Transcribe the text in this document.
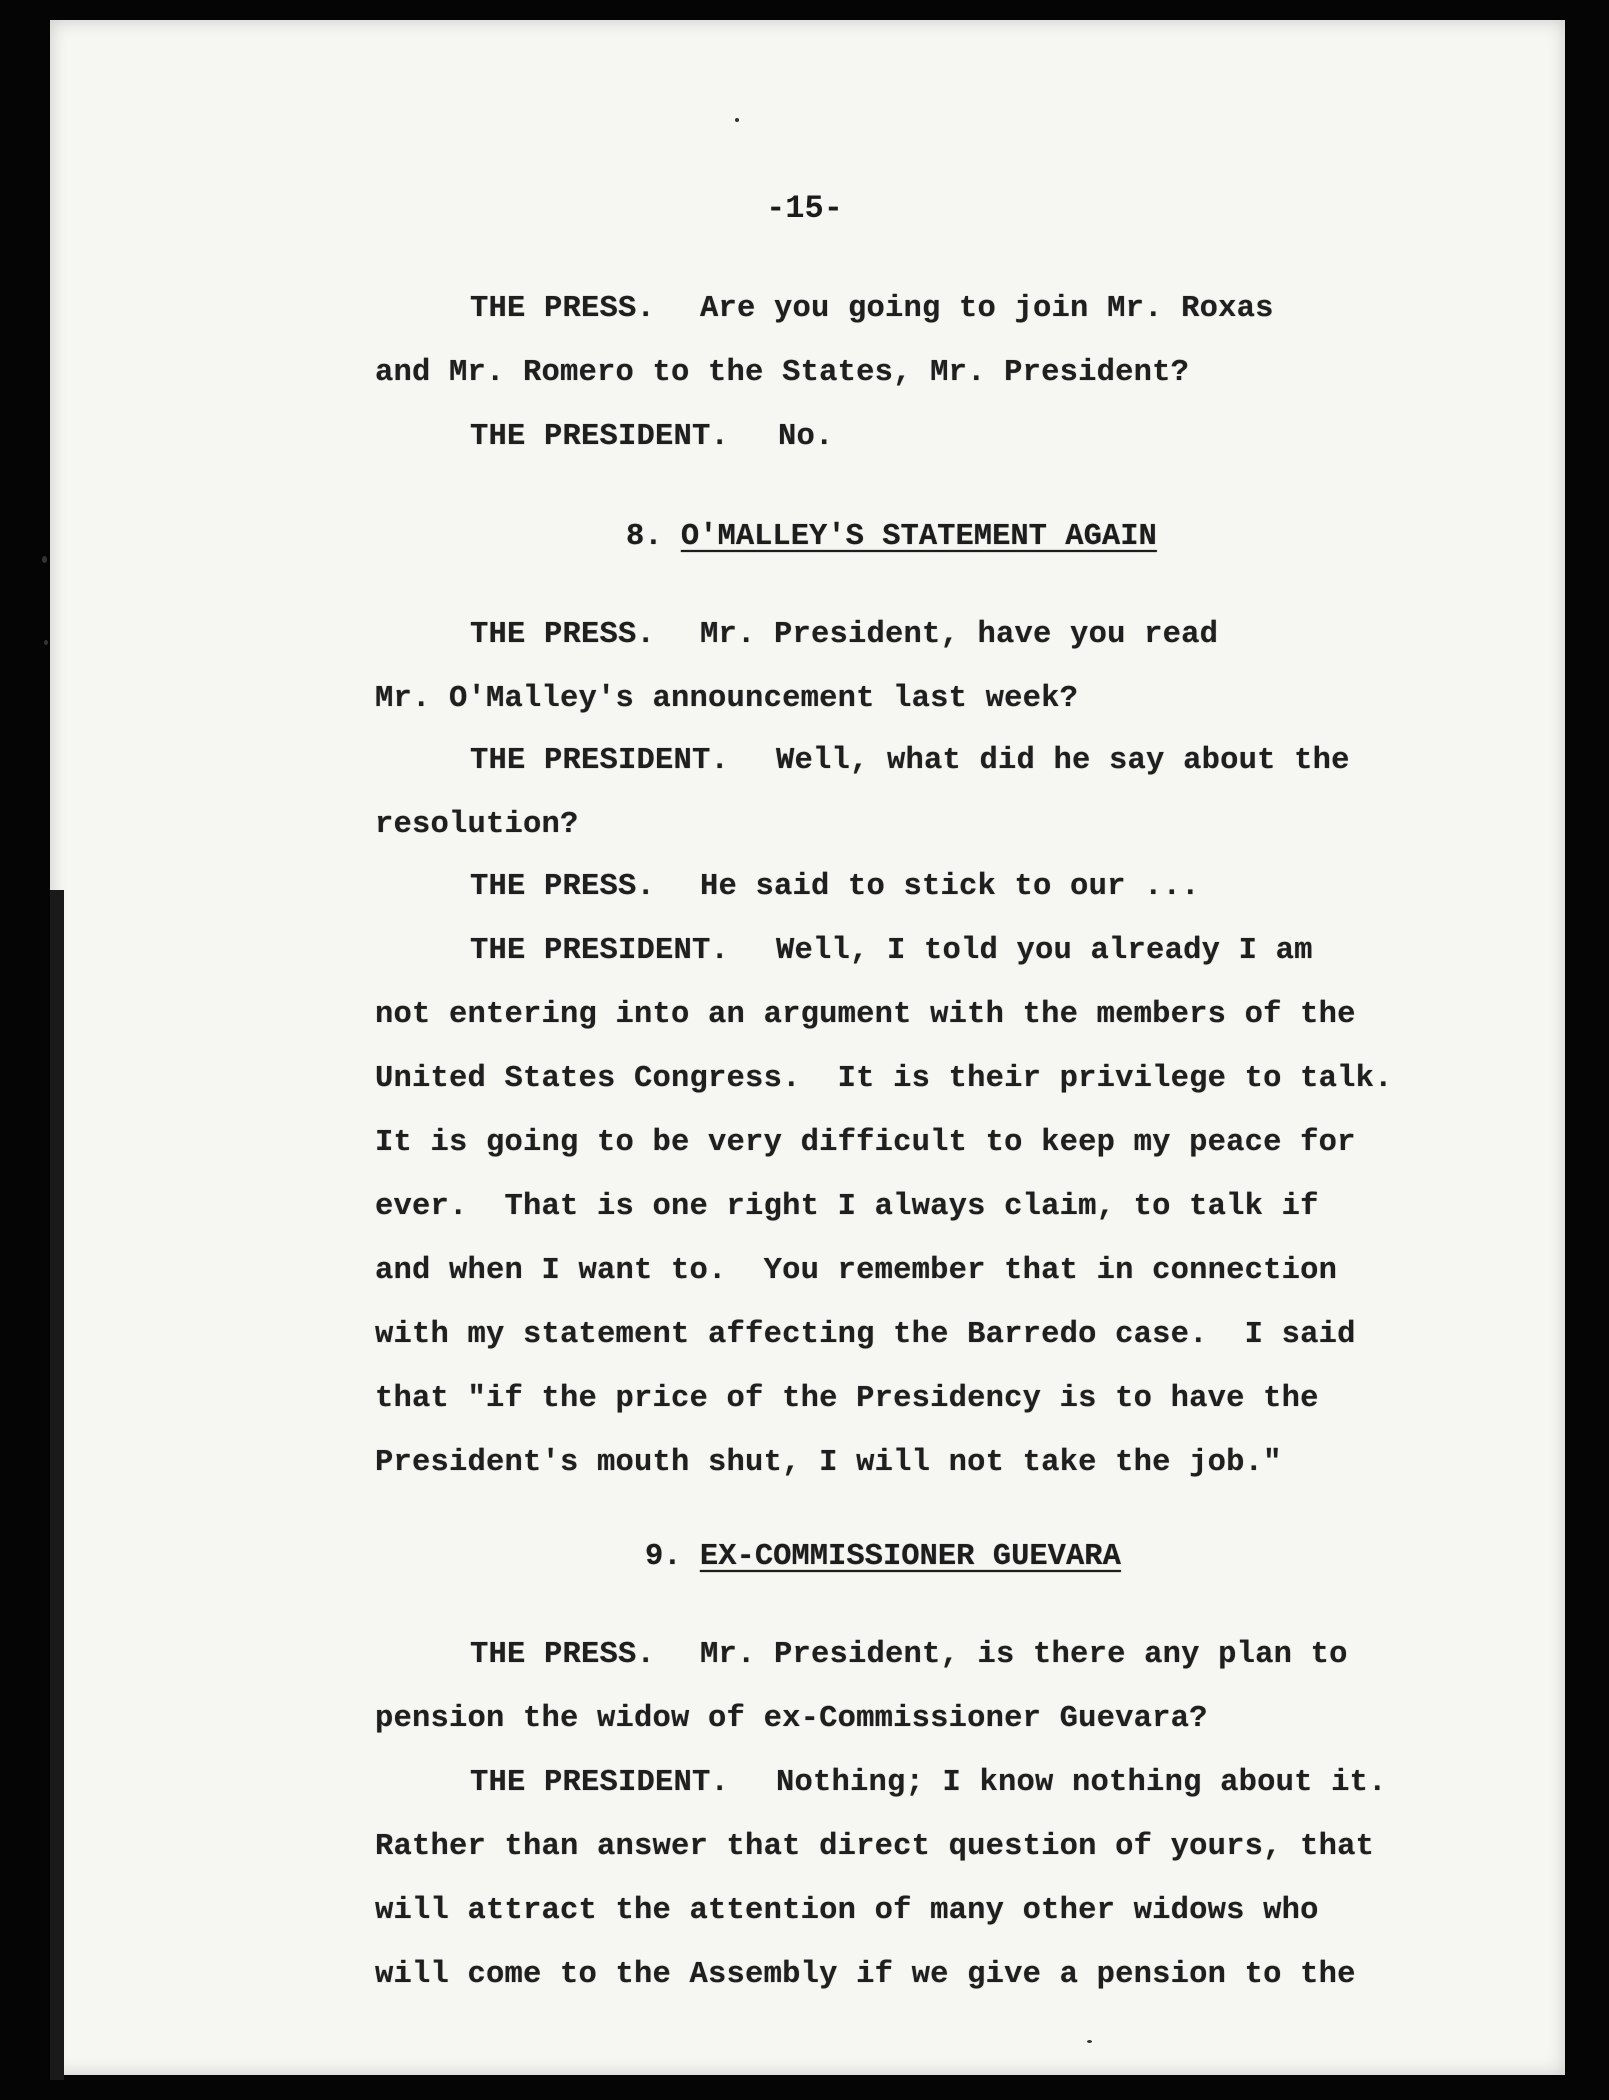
-15-
THE PRESS. Are you going to join Mr. Roxas
and Mr. Romero to the States, Mr. President?
THE PRESIDENT. No.
8. O'MALLEY'S STATEMENT AGAIN
THE PRESS. Mr. President, have you read
Mr. O'Malley's announcement last week?
THE PRESIDENT. Well, what did he say about the
resolution?
THE PRESS. He said to stick to our ...
THE PRESIDENT. Well, I told you already I am
not entering into an argument with the members of the
United States Congress.  It is their privilege to talk.
It is going to be very difficult to keep my peace for
ever.  That is one right I always claim, to talk if
and when I want to.  You remember that in connection
with my statement affecting the Barredo case.  I said
that "if the price of the Presidency is to have the
President's mouth shut, I will not take the job."
9. EX-COMMISSIONER GUEVARA
THE PRESS. Mr. President, is there any plan to
pension the widow of ex-Commissioner Guevara?
THE PRESIDENT. Nothing; I know nothing about it.
Rather than answer that direct question of yours, that
will attract the attention of many other widows who
will come to the Assembly if we give a pension to the
